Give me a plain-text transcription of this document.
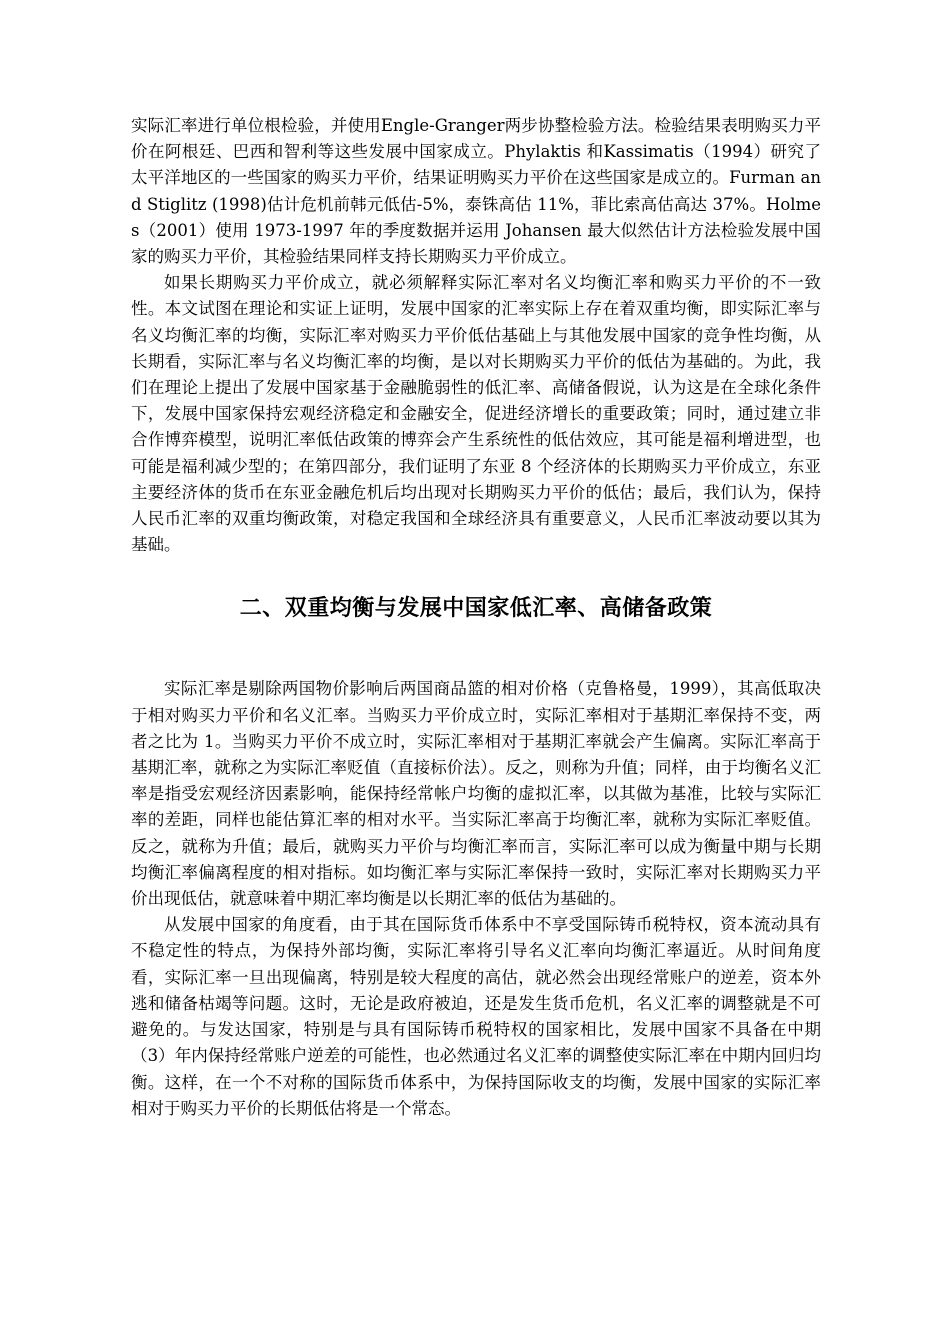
实际汇率进行单位根检验，并使用Engle-Granger两步协整检验方法。检验结果表明购买力平价在阿根廷、巴西和智利等这些发展中国家成立。Phylaktis 和Kassimatis（1994）研究了太平洋地区的一些国家的购买力平价，结果证明购买力平价在这些国家是成立的。Furman and Stiglitz (1998)估计危机前韩元低估-5%，泰铢高估 11%，菲比索高估高达 37%。Holmes（2001）使用 1973-1997 年的季度数据并运用 Johansen 最大似然估计方法检验发展中国家的购买力平价，其检验结果同样支持长期购买力平价成立。

如果长期购买力平价成立，就必须解释实际汇率对名义均衡汇率和购买力平价的不一致性。本文试图在理论和实证上证明，发展中国家的汇率实际上存在着双重均衡，即实际汇率与名义均衡汇率的均衡，实际汇率对购买力平价低估基础上与其他发展中国家的竞争性均衡，从长期看，实际汇率与名义均衡汇率的均衡，是以对长期购买力平价的低估为基础的。为此，我们在理论上提出了发展中国家基于金融脆弱性的低汇率、高储备假说，认为这是在全球化条件下，发展中国家保持宏观经济稳定和金融安全，促进经济增长的重要政策；同时，通过建立非合作博弈模型，说明汇率低估政策的博弈会产生系统性的低估效应，其可能是福利增进型，也可能是福利减少型的；在第四部分，我们证明了东亚 8 个经济体的长期购买力平价成立，东亚主要经济体的货币在东亚金融危机后均出现对长期购买力平价的低估；最后，我们认为，保持人民币汇率的双重均衡政策，对稳定我国和全球经济具有重要意义，人民币汇率波动要以其为基础。

二、双重均衡与发展中国家低汇率、高储备政策

实际汇率是剔除两国物价影响后两国商品篮的相对价格（克鲁格曼，1999），其高低取决于相对购买力平价和名义汇率。当购买力平价成立时，实际汇率相对于基期汇率保持不变，两者之比为 1。当购买力平价不成立时，实际汇率相对于基期汇率就会产生偏离。实际汇率高于基期汇率，就称之为实际汇率贬值（直接标价法）。反之，则称为升值；同样，由于均衡名义汇率是指受宏观经济因素影响，能保持经常帐户均衡的虚拟汇率，以其做为基准，比较与实际汇率的差距，同样也能估算汇率的相对水平。当实际汇率高于均衡汇率，就称为实际汇率贬值。反之，就称为升值；最后，就购买力平价与均衡汇率而言，实际汇率可以成为衡量中期与长期均衡汇率偏离程度的相对指标。如均衡汇率与实际汇率保持一致时，实际汇率对长期购买力平价出现低估，就意味着中期汇率均衡是以长期汇率的低估为基础的。

从发展中国家的角度看，由于其在国际货币体系中不享受国际铸币税特权，资本流动具有不稳定性的特点，为保持外部均衡，实际汇率将引导名义汇率向均衡汇率逼近。从时间角度看，实际汇率一旦出现偏离，特别是较大程度的高估，就必然会出现经常账户的逆差，资本外逃和储备枯竭等问题。这时，无论是政府被迫，还是发生货币危机，名义汇率的调整就是不可避免的。与发达国家，特别是与具有国际铸币税特权的国家相比，发展中国家不具备在中期（3）年内保持经常账户逆差的可能性，也必然通过名义汇率的调整使实际汇率在中期内回归均衡。这样，在一个不对称的国际货币体系中，为保持国际收支的均衡，发展中国家的实际汇率相对于购买力平价的长期低估将是一个常态。
